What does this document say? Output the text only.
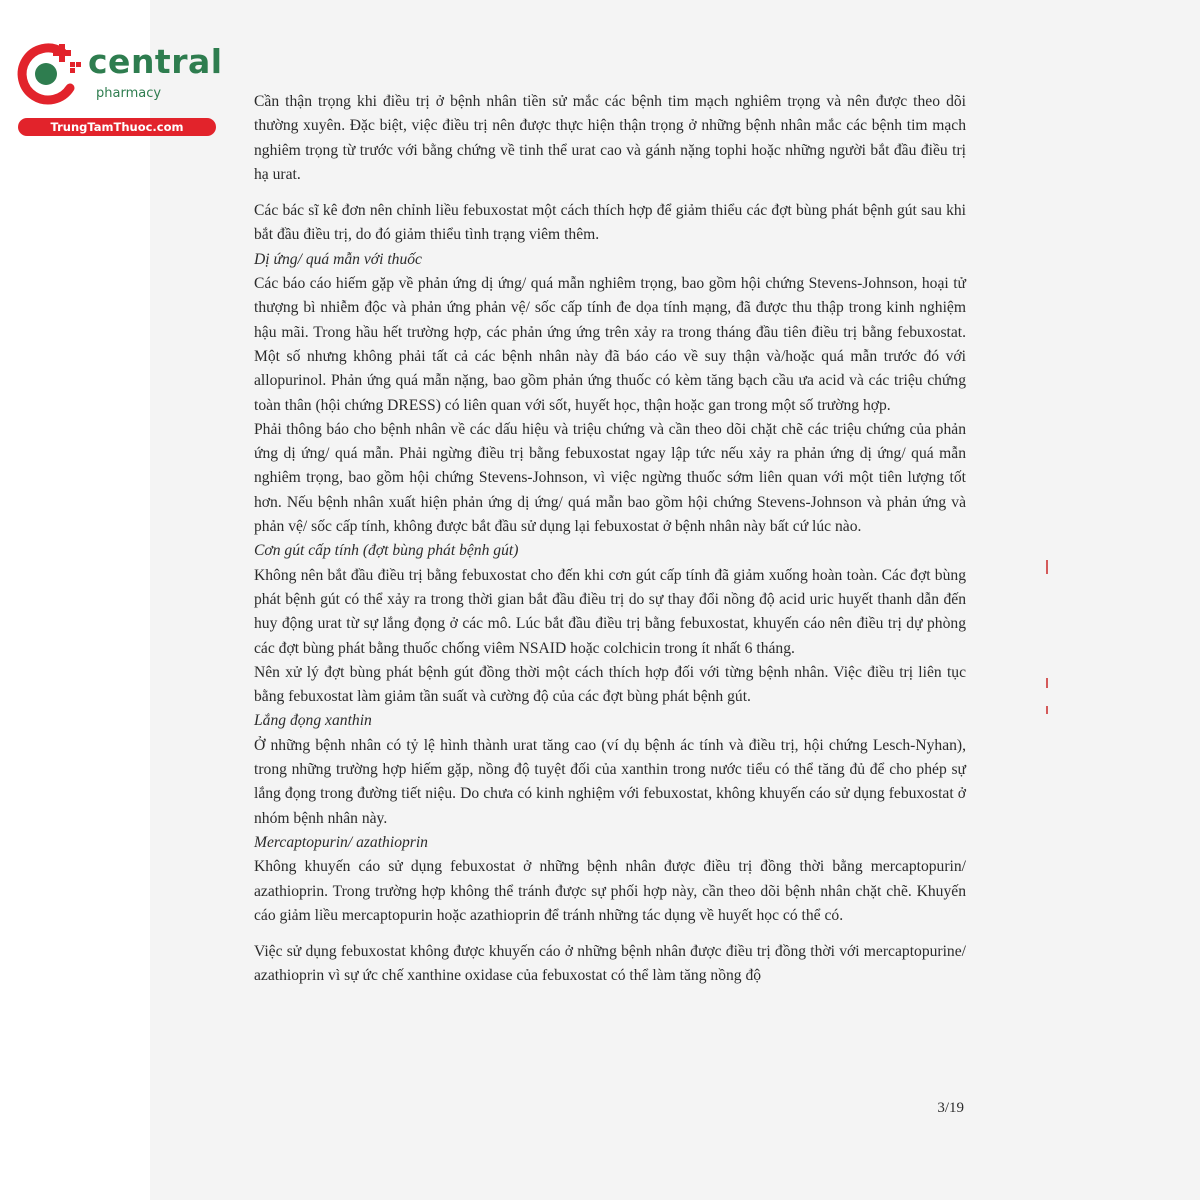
central
pharmacy
TrungTamThuoc.com

Cần thận trọng khi điều trị ở bệnh nhân tiền sử mắc các bệnh tim mạch nghiêm trọng và nên được theo dõi thường xuyên. Đặc biệt, việc điều trị nên được thực hiện thận trọng ở những bệnh nhân mắc các bệnh tim mạch nghiêm trọng từ trước với bằng chứng về tinh thể urat cao và gánh nặng tophi hoặc những người bắt đầu điều trị hạ urat.

Các bác sĩ kê đơn nên chỉnh liều febuxostat một cách thích hợp để giảm thiểu các đợt bùng phát bệnh gút sau khi bắt đầu điều trị, do đó giảm thiểu tình trạng viêm thêm.

Dị ứng/ quá mẫn với thuốc

Các báo cáo hiếm gặp về phản ứng dị ứng/ quá mẫn nghiêm trọng, bao gồm hội chứng Stevens-Johnson, hoại tử thượng bì nhiễm độc và phản ứng phản vệ/ sốc cấp tính đe dọa tính mạng, đã được thu thập trong kinh nghiệm hậu mãi. Trong hầu hết trường hợp, các phản ứng ứng trên xảy ra trong tháng đầu tiên điều trị bằng febuxostat. Một số nhưng không phải tất cả các bệnh nhân này đã báo cáo về suy thận và/hoặc quá mẫn trước đó với allopurinol. Phản ứng quá mẫn nặng, bao gồm phản ứng thuốc có kèm tăng bạch cầu ưa acid và các triệu chứng toàn thân (hội chứng DRESS) có liên quan với sốt, huyết học, thận hoặc gan trong một số trường hợp.

Phải thông báo cho bệnh nhân về các dấu hiệu và triệu chứng và cần theo dõi chặt chẽ các triệu chứng của phản ứng dị ứng/ quá mẫn. Phải ngừng điều trị bằng febuxostat ngay lập tức nếu xảy ra phản ứng dị ứng/ quá mẫn nghiêm trọng, bao gồm hội chứng Stevens-Johnson, vì việc ngừng thuốc sớm liên quan với một tiên lượng tốt hơn. Nếu bệnh nhân xuất hiện phản ứng dị ứng/ quá mẫn bao gồm hội chứng Stevens-Johnson và phản ứng và phản vệ/ sốc cấp tính, không được bắt đầu sử dụng lại febuxostat ở bệnh nhân này bất cứ lúc nào.

Cơn gút cấp tính (đợt bùng phát bệnh gút)

Không nên bắt đầu điều trị bằng febuxostat cho đến khi cơn gút cấp tính đã giảm xuống hoàn toàn. Các đợt bùng phát bệnh gút có thể xảy ra trong thời gian bắt đầu điều trị do sự thay đổi nồng độ acid uric huyết thanh dẫn đến huy động urat từ sự lắng đọng ở các mô. Lúc bắt đầu điều trị bằng febuxostat, khuyến cáo nên điều trị dự phòng các đợt bùng phát bằng thuốc chống viêm NSAID hoặc colchicin trong ít nhất 6 tháng.

Nên xử lý đợt bùng phát bệnh gút đồng thời một cách thích hợp đối với từng bệnh nhân. Việc điều trị liên tục bằng febuxostat làm giảm tần suất và cường độ của các đợt bùng phát bệnh gút.

Lắng đọng xanthin

Ở những bệnh nhân có tỷ lệ hình thành urat tăng cao (ví dụ bệnh ác tính và điều trị, hội chứng Lesch-Nyhan), trong những trường hợp hiếm gặp, nồng độ tuyệt đối của xanthin trong nước tiểu có thể tăng đủ để cho phép sự lắng đọng trong đường tiết niệu. Do chưa có kinh nghiệm với febuxostat, không khuyến cáo sử dụng febuxostat ở nhóm bệnh nhân này.

Mercaptopurin/ azathioprin

Không khuyến cáo sử dụng febuxostat ở những bệnh nhân được điều trị đồng thời bằng mercaptopurin/ azathioprin. Trong trường hợp không thể tránh được sự phối hợp này, cần theo dõi bệnh nhân chặt chẽ. Khuyến cáo giảm liều mercaptopurin hoặc azathioprin để tránh những tác dụng về huyết học có thể có.

Việc sử dụng febuxostat không được khuyến cáo ở những bệnh nhân được điều trị đồng thời với mercaptopurine/ azathioprin vì sự ức chế xanthine oxidase của febuxostat có thể làm tăng nồng độ

3/19
